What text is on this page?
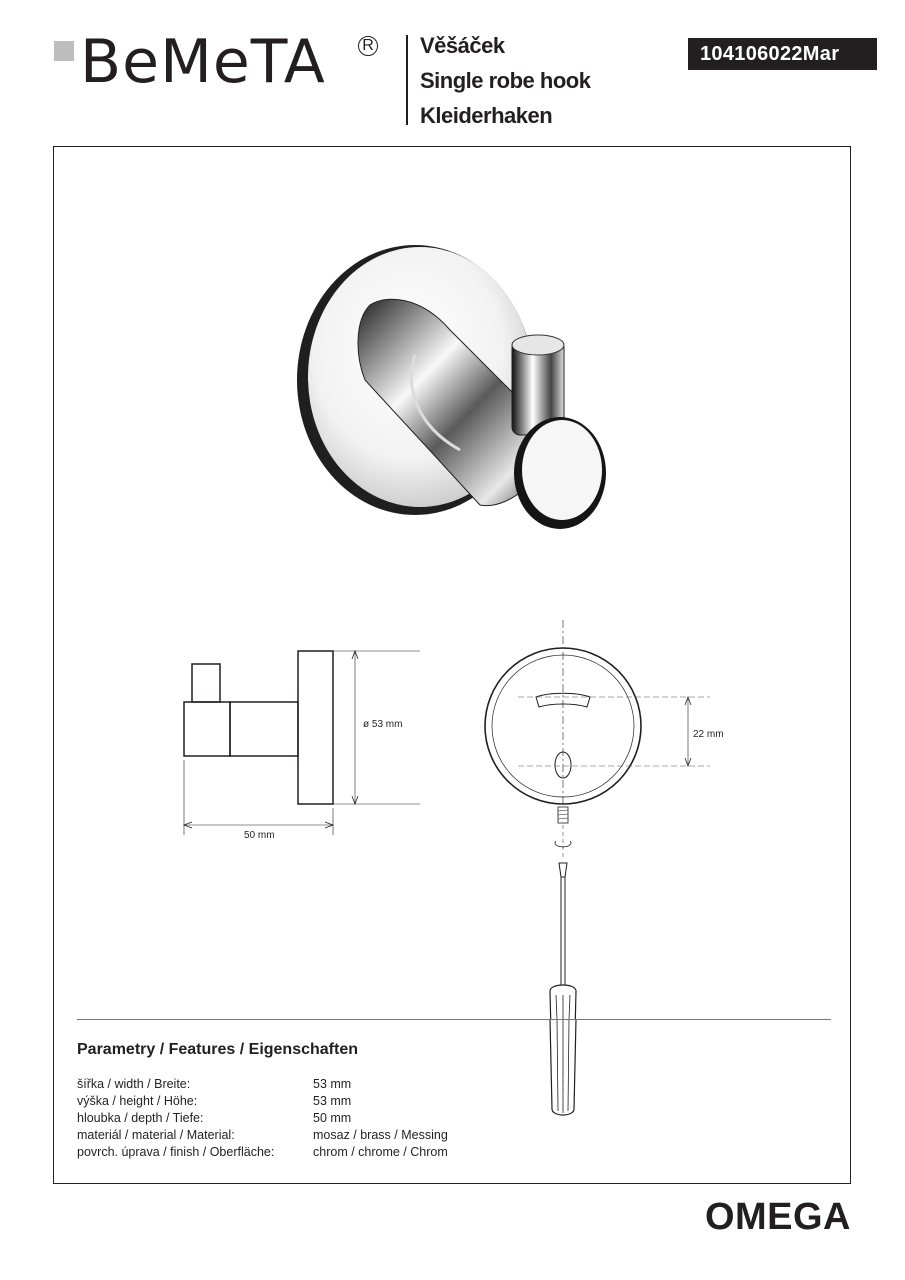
BeMeTA R Věšáček
Single robe hook
Kleiderhaken
104106022Mar
ø 53 mm
50 mm
22 mm
Parametry / Features / Eigenschaften
šířka / width / Breite:	53 mm
výška / height / Höhe:	53 mm
hloubka / depth / Tiefe:	50 mm
materiál / material / Material:	mosaz / brass / Messing
povrch. úprava / finish / Oberfläche:	chrom / chrome / Chrom
OMEGA
